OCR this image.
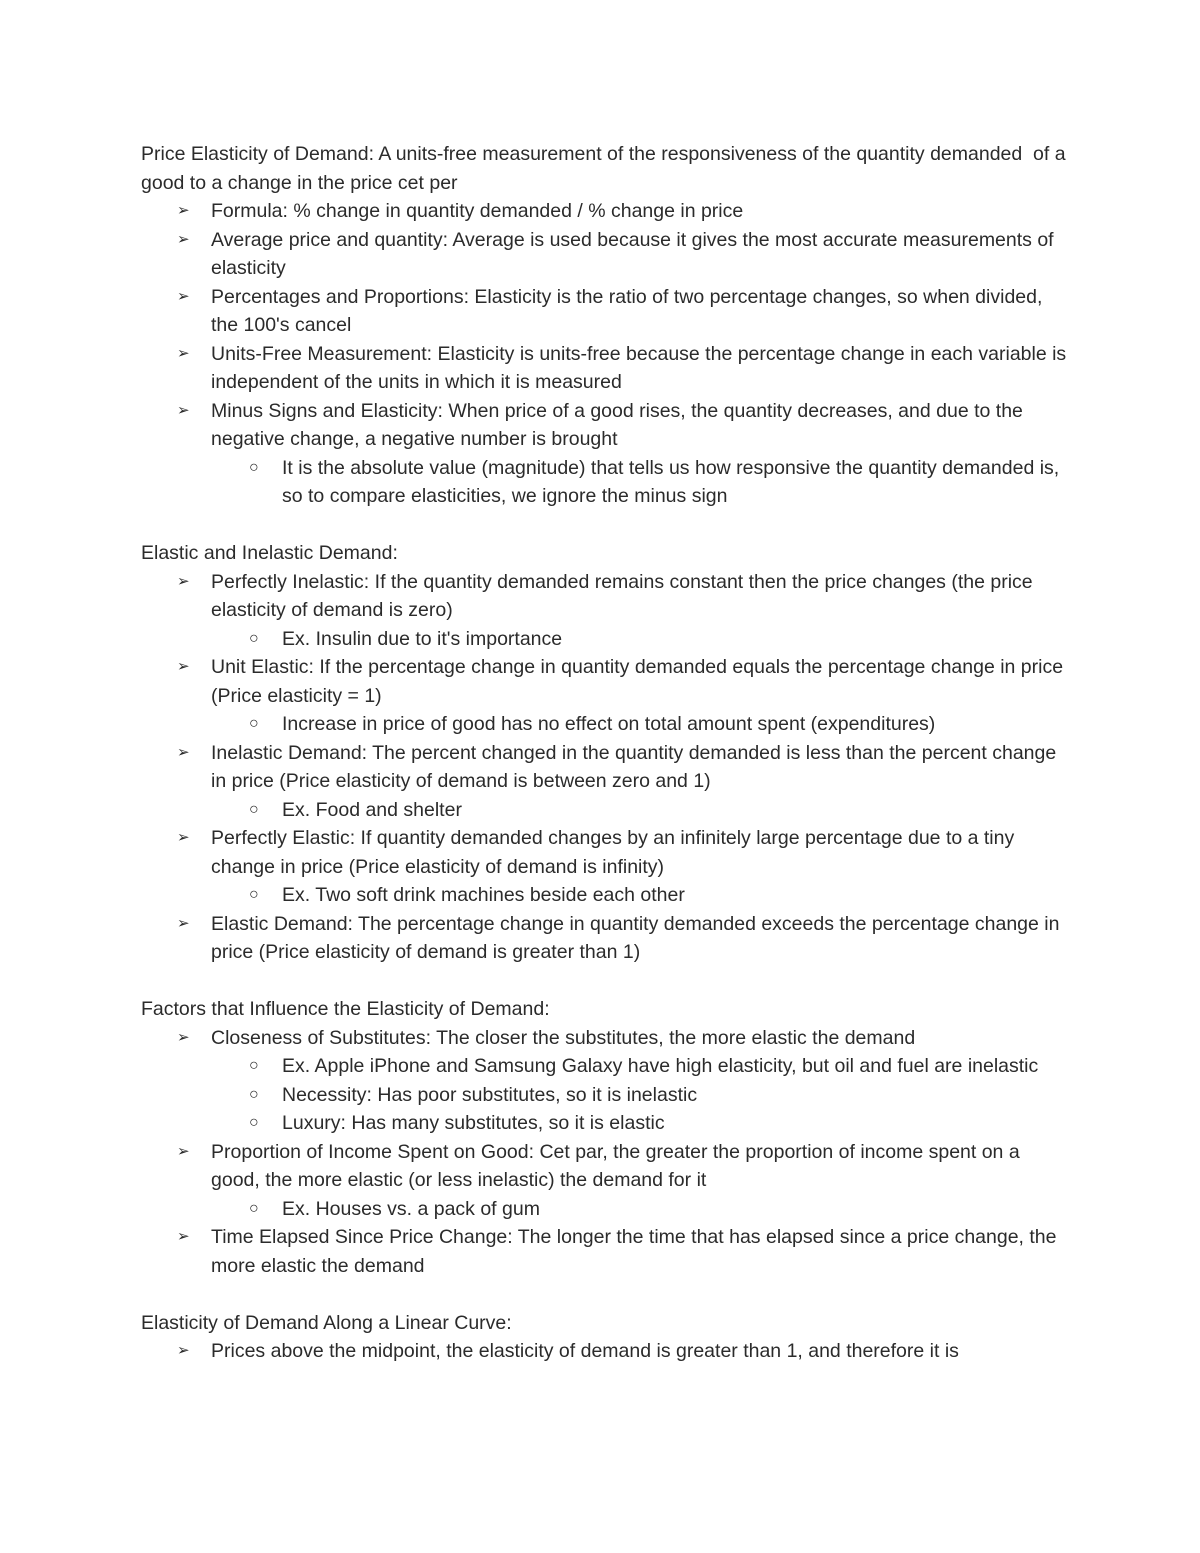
Price Elasticity of Demand: A units-free measurement of the responsiveness of the quantity demanded  of a good to a change in the price cet per

➢ Formula: % change in quantity demanded / % change in price
➢ Average price and quantity: Average is used because it gives the most accurate measurements of elasticity
➢ Percentages and Proportions: Elasticity is the ratio of two percentage changes, so when divided, the 100's cancel
➢ Units-Free Measurement: Elasticity is units-free because the percentage change in each variable is independent of the units in which it is measured
➢ Minus Signs and Elasticity: When price of a good rises, the quantity decreases, and due to the negative change, a negative number is brought
○ It is the absolute value (magnitude) that tells us how responsive the quantity demanded is, so to compare elasticities, we ignore the minus sign

Elastic and Inelastic Demand:

➢ Perfectly Inelastic: If the quantity demanded remains constant then the price changes (the price elasticity of demand is zero)
○ Ex. Insulin due to it's importance
➢ Unit Elastic: If the percentage change in quantity demanded equals the percentage change in price (Price elasticity = 1)
○ Increase in price of good has no effect on total amount spent (expenditures)
➢ Inelastic Demand: The percent changed in the quantity demanded is less than the percent change in price (Price elasticity of demand is between zero and 1)
○ Ex. Food and shelter
➢ Perfectly Elastic: If quantity demanded changes by an infinitely large percentage due to a tiny change in price (Price elasticity of demand is infinity)
○ Ex. Two soft drink machines beside each other
➢ Elastic Demand: The percentage change in quantity demanded exceeds the percentage change in price (Price elasticity of demand is greater than 1)

Factors that Influence the Elasticity of Demand:

➢ Closeness of Substitutes: The closer the substitutes, the more elastic the demand
○ Ex. Apple iPhone and Samsung Galaxy have high elasticity, but oil and fuel are inelastic
○ Necessity: Has poor substitutes, so it is inelastic
○ Luxury: Has many substitutes, so it is elastic
➢ Proportion of Income Spent on Good: Cet par, the greater the proportion of income spent on a good, the more elastic (or less inelastic) the demand for it
○ Ex. Houses vs. a pack of gum
➢ Time Elapsed Since Price Change: The longer the time that has elapsed since a price change, the more elastic the demand

Elasticity of Demand Along a Linear Curve:

➢ Prices above the midpoint, the elasticity of demand is greater than 1, and therefore it is
